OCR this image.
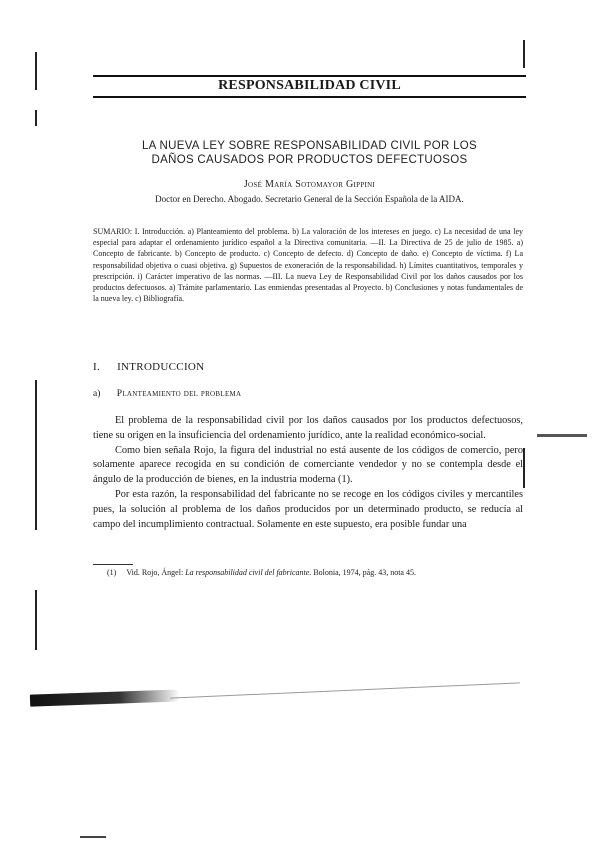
RESPONSABILIDAD CIVIL
LA NUEVA LEY SOBRE RESPONSABILIDAD CIVIL POR LOS
DAÑOS CAUSADOS POR PRODUCTOS DEFECTUOSOS
José María Sotomayor Gippini
Doctor en Derecho. Abogado. Secretario General de la Sección Española de la AIDA.
SUMARIO: I. Introducción. a) Planteamiento del problema. b) La valoración de los intereses en juego. c) La necesidad de una ley especial para adaptar el ordenamiento jurídico español a la Directiva comunitaria. —II. La Directiva de 25 de julio de 1985. a) Concepto de fabricante. b) Concepto de producto. c) Concepto de defecto. d) Concepto de daño. e) Concepto de víctima. f) La responsabilidad objetiva o cuasi objetiva. g) Supuestos de exoneración de la responsabilidad. h) Límites cuantitativos, temporales y prescripción. i) Carácter imperativo de las normas. —III. La nueva Ley de Responsabilidad Civil por los daños causados por los productos defectuosos. a) Trámite parlamentario. Las enmiendas presentadas al Proyecto. b) Conclusiones y notas fundamentales de la nueva ley. c) Bibliografía.
I. INTRODUCCION
a) Planteamiento del problema

El problema de la responsabilidad civil por los daños causados por los productos defectuosos, tiene su origen en la insuficiencia del ordenamiento jurídico, ante la realidad económico-social.

Como bien señala Rojo, la figura del industrial no está ausente de los códigos de comercio, pero solamente aparece recogida en su condición de comerciante vendedor y no se contempla desde el ángulo de la producción de bienes, en la industria moderna (1).

Por esta razón, la responsabilidad del fabricante no se recoge en los códigos civiles y mercantiles pues, la solución al problema de los daños producidos por un determinado producto, se reducía al campo del incumplimiento contractual. Solamente en este supuesto, era posible fundar una

(1) Vid. Rojo, Ángel: La responsabilidad civil del fabricante. Bolonia, 1974, pág. 43, nota 45.
